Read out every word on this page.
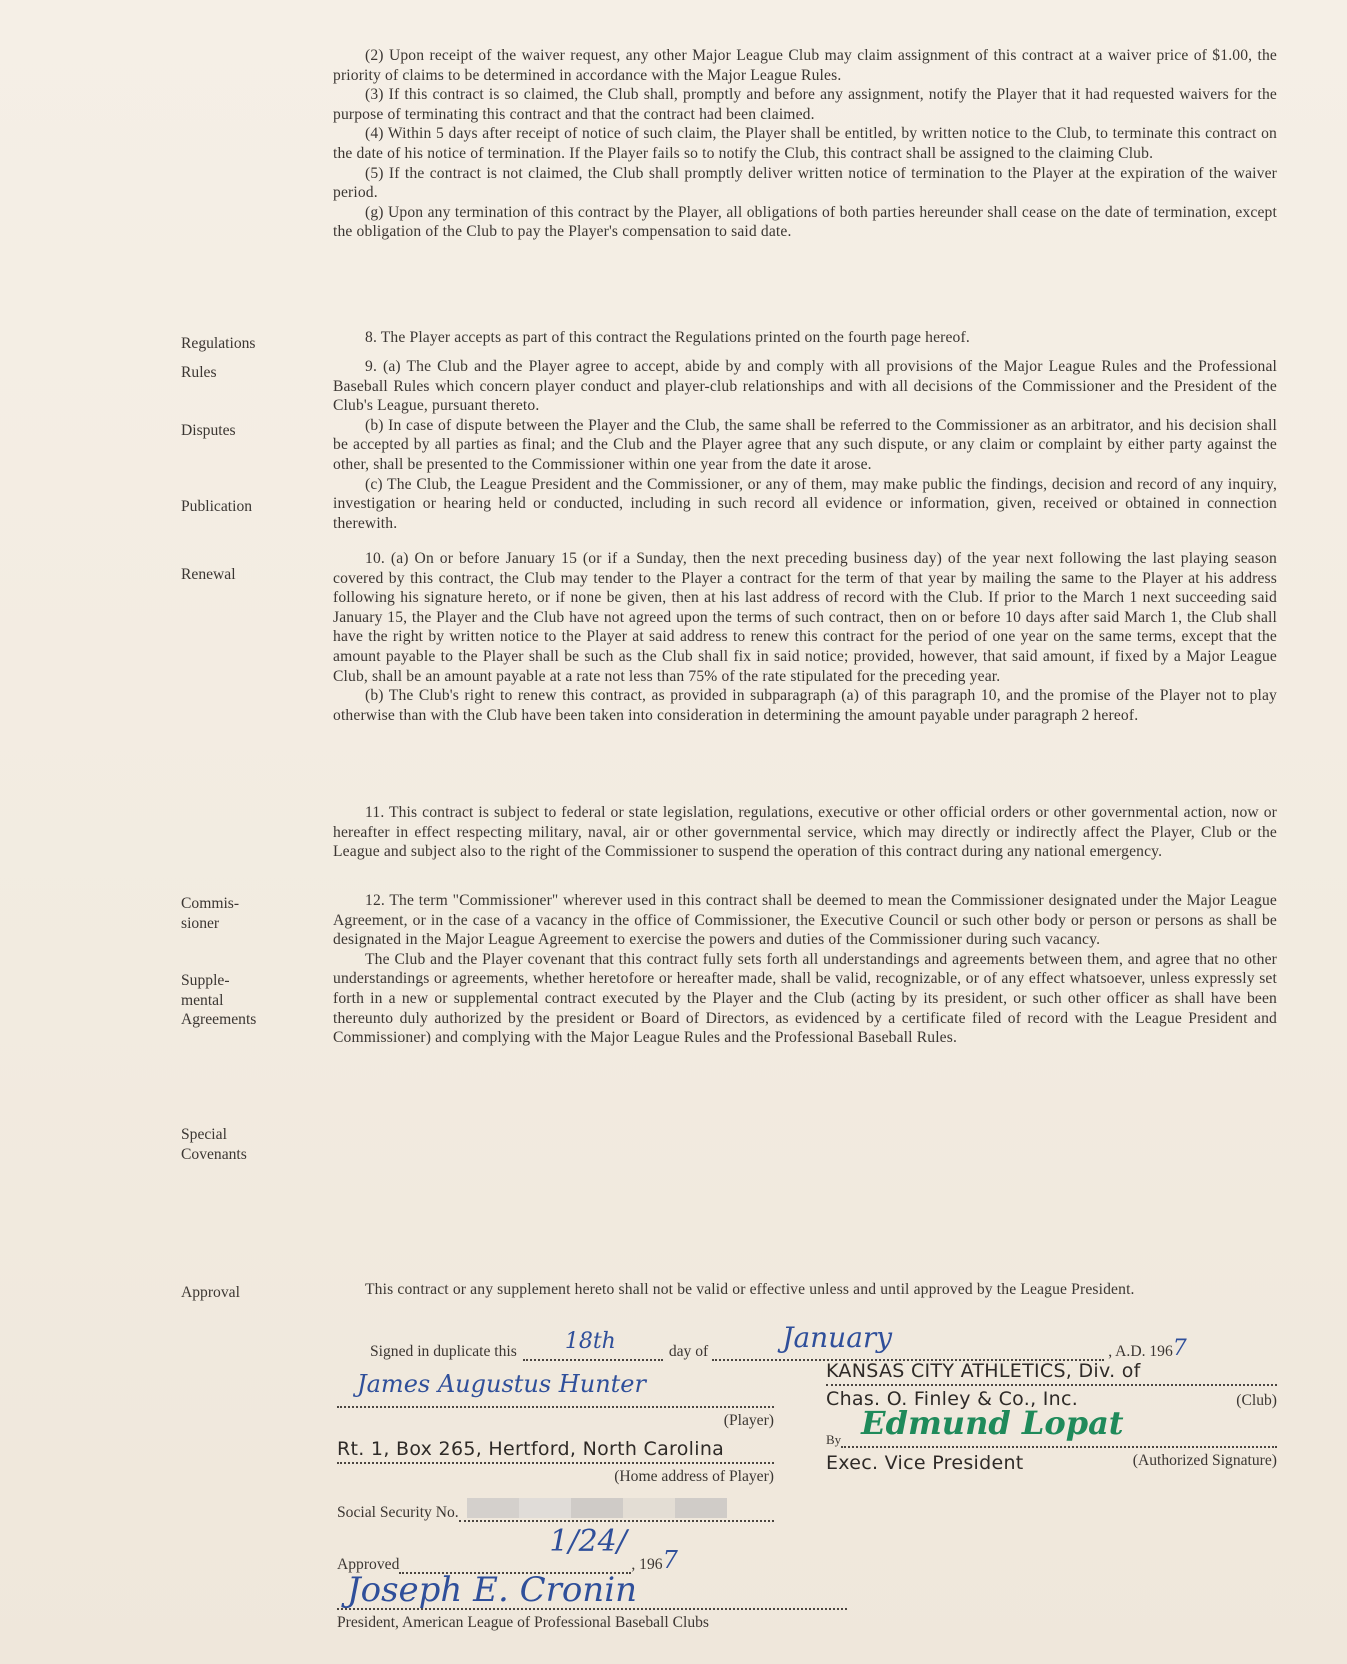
(2) Upon receipt of the waiver request, any other Major League Club may claim assignment of this contract at a waiver price of $1.00, the priority of claims to be determined in accordance with the Major League Rules.

(3) If this contract is so claimed, the Club shall, promptly and before any assignment, notify the Player that it had requested waivers for the purpose of terminating this contract and that the contract had been claimed.

(4) Within 5 days after receipt of notice of such claim, the Player shall be entitled, by written notice to the Club, to terminate this contract on the date of his notice of termination. If the Player fails so to notify the Club, this contract shall be assigned to the claiming Club.

(5) If the contract is not claimed, the Club shall promptly deliver written notice of termination to the Player at the expiration of the waiver period.

(g) Upon any termination of this contract by the Player, all obligations of both parties hereunder shall cease on the date of termination, except the obligation of the Club to pay the Player's compensation to said date.

8. The Player accepts as part of this contract the Regulations printed on the fourth page hereof.

9. (a) The Club and the Player agree to accept, abide by and comply with all provisions of the Major League Rules and the Professional Baseball Rules which concern player conduct and player-club relationships and with all decisions of the Commissioner and the President of the Club's League, pursuant thereto.

(b) In case of dispute between the Player and the Club, the same shall be referred to the Commissioner as an arbitrator, and his decision shall be accepted by all parties as final; and the Club and the Player agree that any such dispute, or any claim or complaint by either party against the other, shall be presented to the Commissioner within one year from the date it arose.

(c) The Club, the League President and the Commissioner, or any of them, may make public the findings, decision and record of any inquiry, investigation or hearing held or conducted, including in such record all evidence or information, given, received or obtained in connection therewith.

10. (a) On or before January 15 (or if a Sunday, then the next preceding business day) of the year next following the last playing season covered by this contract, the Club may tender to the Player a contract for the term of that year by mailing the same to the Player at his address following his signature hereto, or if none be given, then at his last address of record with the Club. If prior to the March 1 next succeeding said January 15, the Player and the Club have not agreed upon the terms of such contract, then on or before 10 days after said March 1, the Club shall have the right by written notice to the Player at said address to renew this contract for the period of one year on the same terms, except that the amount payable to the Player shall be such as the Club shall fix in said notice; provided, however, that said amount, if fixed by a Major League Club, shall be an amount payable at a rate not less than 75% of the rate stipulated for the preceding year.

(b) The Club's right to renew this contract, as provided in subparagraph (a) of this paragraph 10, and the promise of the Player not to play otherwise than with the Club have been taken into consideration in determining the amount payable under paragraph 2 hereof.

11. This contract is subject to federal or state legislation, regulations, executive or other official orders or other governmental action, now or hereafter in effect respecting military, naval, air or other governmental service, which may directly or indirectly affect the Player, Club or the League and subject also to the right of the Commissioner to suspend the operation of this contract during any national emergency.

12. The term "Commissioner" wherever used in this contract shall be deemed to mean the Commissioner designated under the Major League Agreement, or in the case of a vacancy in the office of Commissioner, the Executive Council or such other body or person or persons as shall be designated in the Major League Agreement to exercise the powers and duties of the Commissioner during such vacancy.

The Club and the Player covenant that this contract fully sets forth all understandings and agreements between them, and agree that no other understandings or agreements, whether heretofore or hereafter made, shall be valid, recognizable, or of any effect whatsoever, unless expressly set forth in a new or supplemental contract executed by the Player and the Club (acting by its president, or such other officer as shall have been thereunto duly authorized by the president or Board of Directors, as evidenced by a certificate filed of record with the League President and Commissioner) and complying with the Major League Rules and the Professional Baseball Rules.

This contract or any supplement hereto shall not be valid or effective unless and until approved by the League President.

Regulations
Rules
Disputes
Publication
Renewal
Commis-
sioner
Supple-
mental
Agreements
Special
Covenants
Approval
Signed in duplicate this 18th	day of	January	, A.D. 196 7
James Augustus Hunter
(Player)
Rt. 1, Box 265, Hertford, North Carolina
(Home address of Player)
Social Security No.
Approved
1/24/
, 196 7
Joseph E. Cronin
President, American League of Professional Baseball Clubs
KANSAS CITY ATHLETICS, Div. of
Chas. O. Finley & Co., Inc.	(Club)
By Edmund Lopat
Exec. Vice President	(Authorized Signature)
